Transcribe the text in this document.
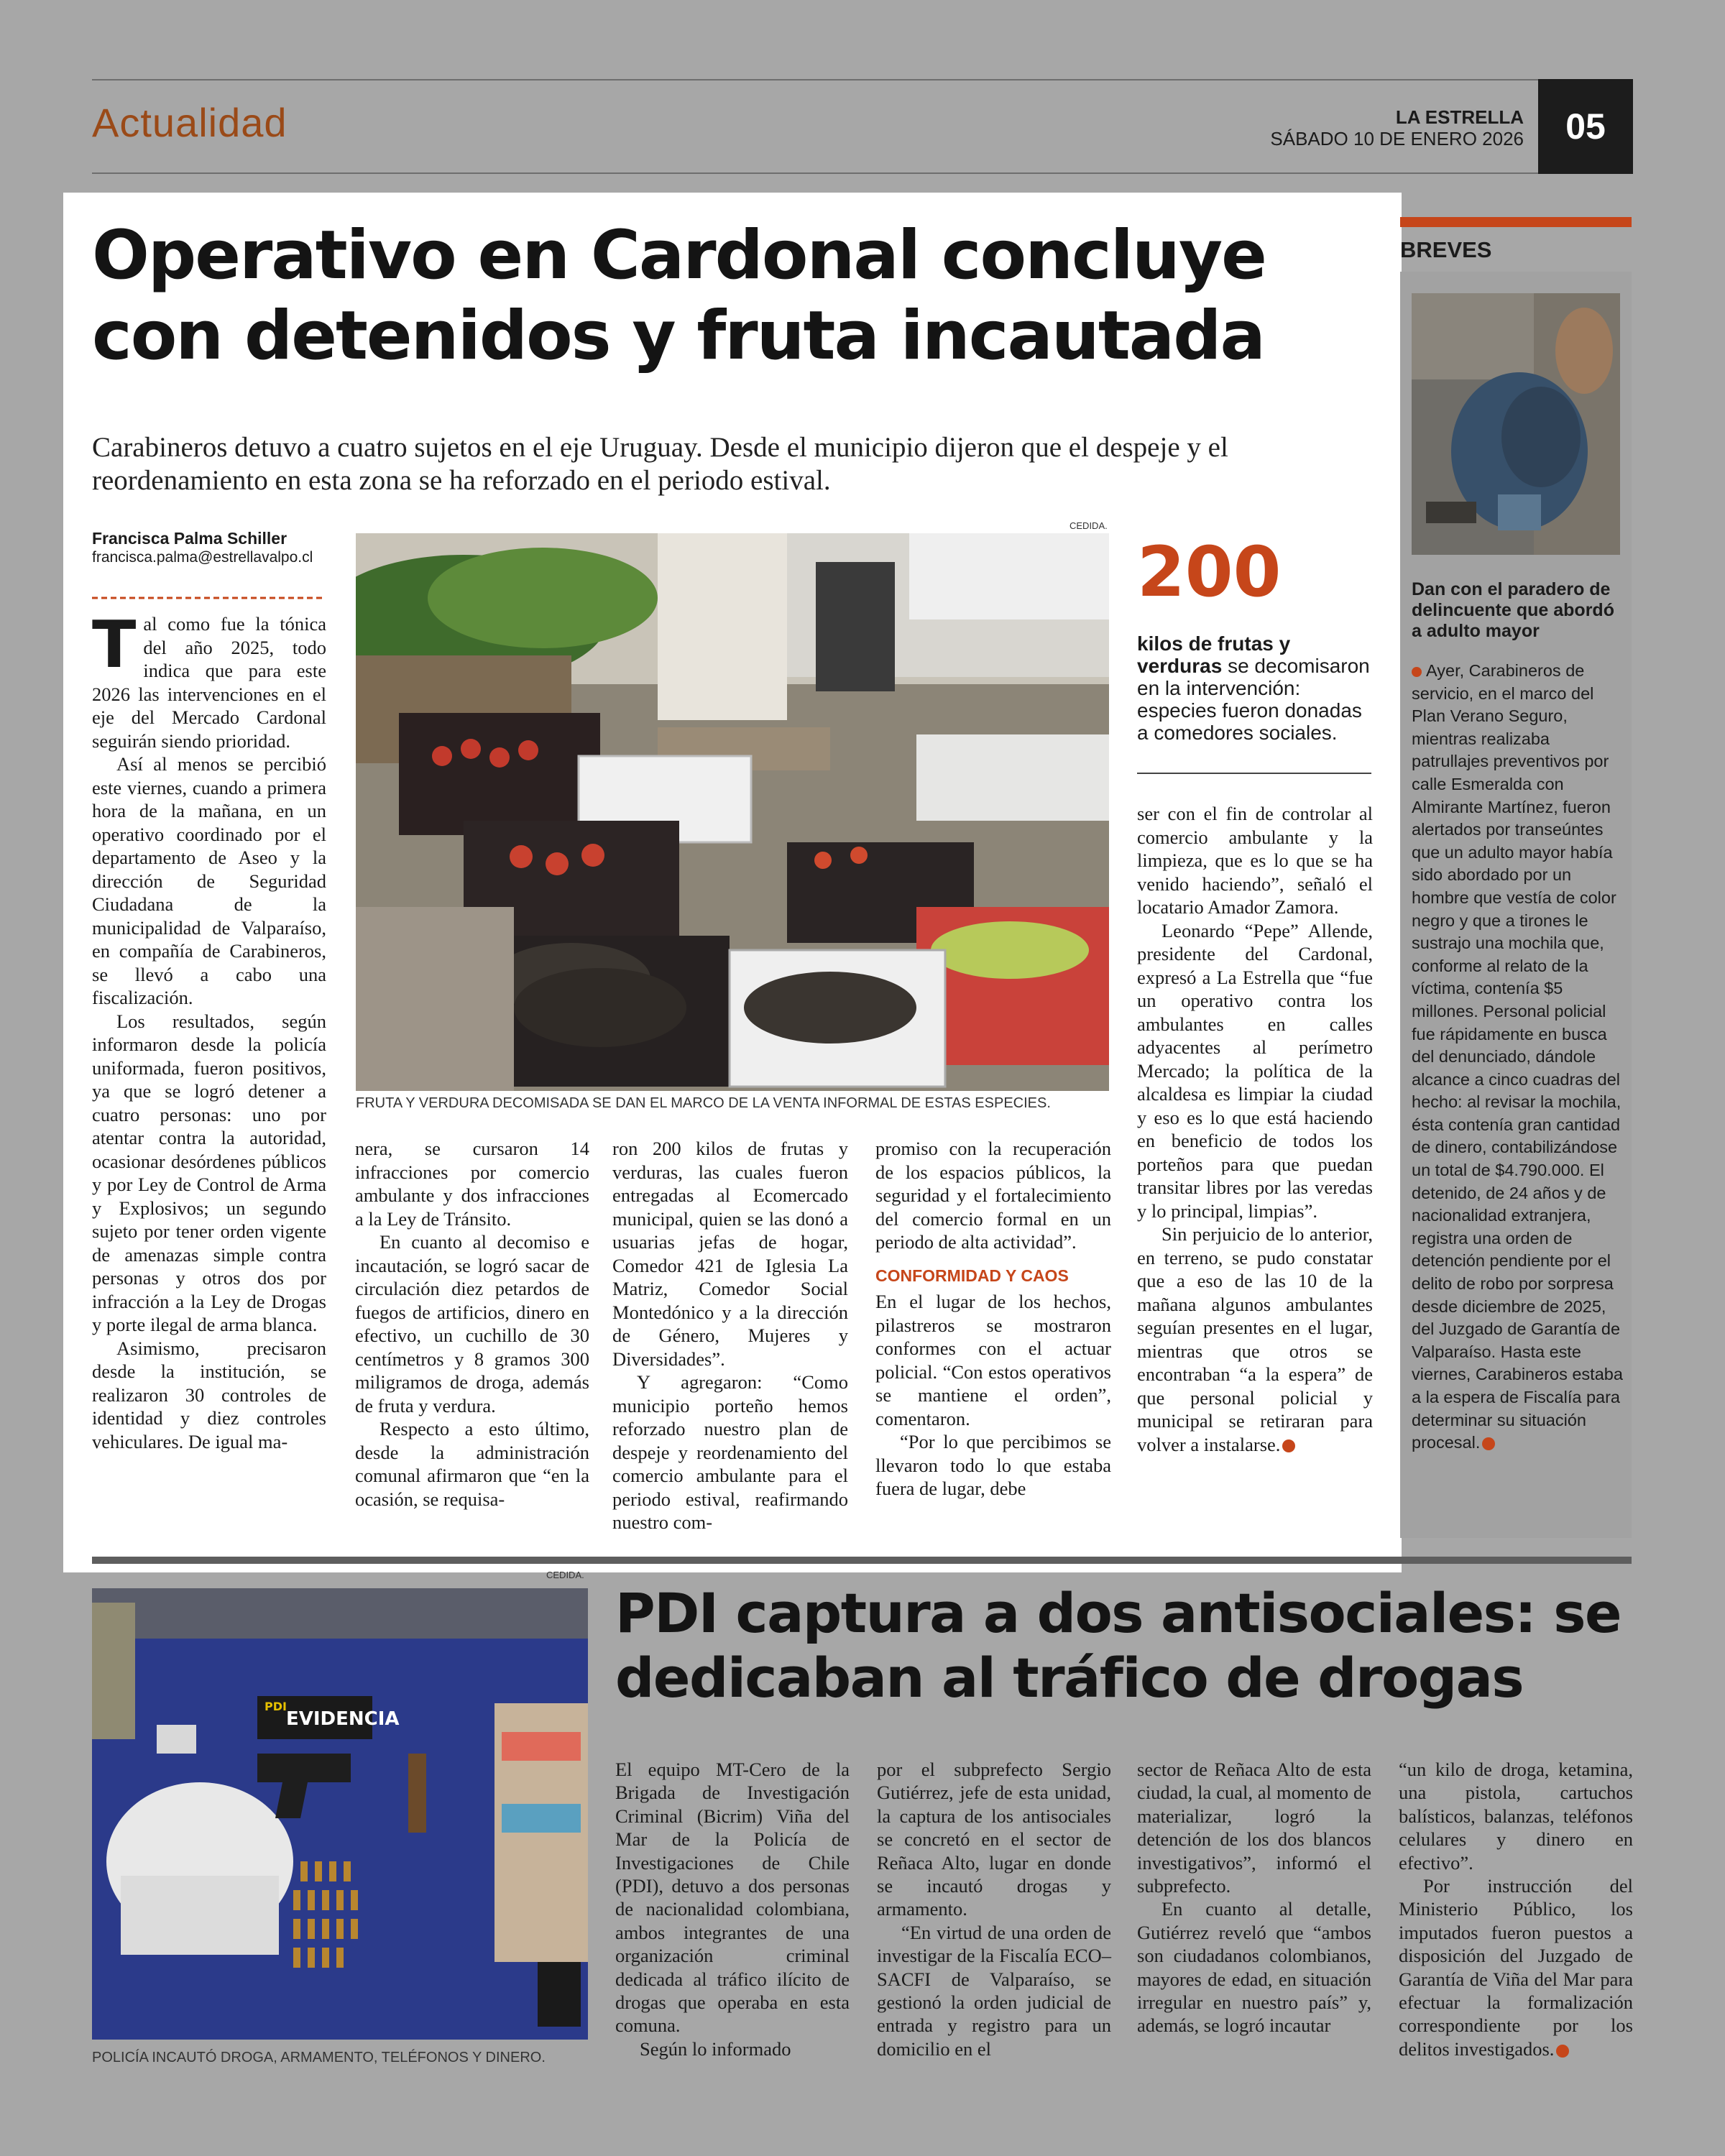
Actualidad	LA ESTRELLA
SÁBADO 10 DE ENERO 2026	05
Operativo en Cardonal concluye
con detenidos y fruta incautada
Carabineros detuvo a cuatro sujetos en el eje Uruguay. Desde el municipio dijeron que el despeje y el reordenamiento en esta zona se ha reforzado en el periodo estival.
Francisca Palma Schiller
francisca.palma@estrellavalpo.cl

Tal como fue la tónica del año 2025, todo indica que para este 2026 las intervenciones en el eje del Mercado Cardonal seguirán siendo prioridad.

Así al menos se percibió este viernes, cuando a primera hora de la mañana, en un operativo coordinado por el departamento de Aseo y la dirección de Seguridad Ciudadana de la municipalidad de Valparaíso, en compañía de Carabineros, se llevó a cabo una fiscalización.

Los resultados, según informaron desde la policía uniformada, fueron positivos, ya que se logró detener a cuatro personas: uno por atentar contra la autoridad, ocasionar desórdenes públicos y por Ley de Control de Arma y Explosivos; un segundo sujeto por tener orden vigente de amenazas simple contra personas y otros dos por infracción a la Ley de Drogas y porte ilegal de arma blanca.

Asimismo, precisaron desde la institución, se realizaron 30 controles de identidad y diez controles vehiculares. De igual ma-

CEDIDA.
FRUTA Y VERDURA DECOMISADA SE DAN EL MARCO DE LA VENTA INFORMAL DE ESTAS ESPECIES.
200
kilos de frutas y verduras se decomisaron en la intervención: especies fueron donadas a comedores sociales.

nera, se cursaron 14 infracciones por comercio ambulante y dos infracciones a la Ley de Tránsito.

En cuanto al decomiso e incautación, se logró sacar de circulación diez petardos de fuegos de artificios, dinero en efectivo, un cuchillo de 30 centímetros y 8 gramos 300 miligramos de droga, además de fruta y verdura.

Respecto a esto último, desde la administración comunal afirmaron que “en la ocasión, se requisa-

ron 200 kilos de frutas y verduras, las cuales fueron entregadas al Ecomercado municipal, quien se las donó a usuarias jefas de hogar, Comedor 421 de Iglesia La Matriz, Comedor Social Montedónico y a la dirección de Género, Mujeres y Diversidades”.

Y agregaron: “Como municipio porteño hemos reforzado nuestro plan de despeje y reordenamiento del comercio ambulante para el periodo estival, reafirmando nuestro com-

promiso con la recuperación de los espacios públicos, la seguridad y el fortalecimiento del comercio formal en un periodo de alta actividad”.

CONFORMIDAD Y CAOS

En el lugar de los hechos, pilastreros se mostraron conformes con el actuar policial. “Con estos operativos se mantiene el orden”, comentaron.

“Por lo que percibimos se llevaron todo lo que estaba fuera de lugar, debe

ser con el fin de controlar al comercio ambulante y la limpieza, que es lo que se ha venido haciendo”, señaló el locatario Amador Zamora.

Leonardo “Pepe” Allende, presidente del Cardonal, expresó a La Estrella que “fue un operativo contra los ambulantes en calles adyacentes al perímetro Mercado; la política de la alcaldesa es limpiar la ciudad y eso es lo que está haciendo en beneficio de todos los porteños para que puedan transitar libres por las veredas y lo principal, limpias”.

Sin perjuicio de lo anterior, en terreno, se pudo constatar que a eso de las 10 de la mañana algunos ambulantes seguían presentes en el lugar, mientras que otros se encontraban “a la espera” de que personal policial y municipal se retiraran para volver a instalarse.

BREVES
Dan con el paradero de delincuente que abordó a adulto mayor
Ayer, Carabineros de servicio, en el marco del Plan Verano Seguro, mientras realizaba patrullajes preventivos por calle Esmeralda con Almirante Martínez, fueron alertados por transeúntes que un adulto mayor había sido abordado por un hombre que vestía de color negro y que a tirones le sustrajo una mochila que, conforme al relato de la víctima, contenía $5 millones. Personal policial fue rápidamente en busca del denunciado, dándole alcance a cinco cuadras del hecho: al revisar la mochila, ésta contenía gran cantidad de dinero, contabilizándose un total de $4.790.000. El detenido, de 24 años y de nacionalidad extranjera, registra una orden de detención pendiente por el delito de robo por sorpresa desde diciembre de 2025, del Juzgado de Garantía de Valparaíso. Hasta este viernes, Carabineros estaba a la espera de Fiscalía para determinar su situación procesal.
CEDIDA.
PDI
EVIDENCIA
POLICÍA INCAUTÓ DROGA, ARMAMENTO, TELÉFONOS Y DINERO.
PDI captura a dos antisociales: se dedicaban al tráfico de drogas

El equipo MT-Cero de la Brigada de Investigación Criminal (Bicrim) Viña del Mar de la Policía de Investigaciones de Chile (PDI), detuvo a dos personas de nacionalidad colombiana, ambos integrantes de una organización criminal dedicada al tráfico ilícito de drogas que operaba en esta comuna.

Según lo informado

por el subprefecto Sergio Gutiérrez, jefe de esta unidad, la captura de los antisociales se concretó en el sector de Reñaca Alto, lugar en donde se incautó drogas y armamento.

“En virtud de una orden de investigar de la Fiscalía ECO–SACFI de Valparaíso, se gestionó la orden judicial de entrada y registro para un domicilio en el

sector de Reñaca Alto de esta ciudad, la cual, al momento de materializar, logró la detención de los dos blancos investigativos”, informó el subprefecto.

En cuanto al detalle, Gutiérrez reveló que “ambos son ciudadanos colombianos, mayores de edad, en situación irregular en nuestro país” y, además, se logró incautar

“un kilo de droga, ketamina, una pistola, cartuchos balísticos, balanzas, teléfonos celulares y dinero en efectivo”.

Por instrucción del Ministerio Público, los imputados fueron puestos a disposición del Juzgado de Garantía de Viña del Mar para efectuar la formalización correspondiente por los delitos investigados.
